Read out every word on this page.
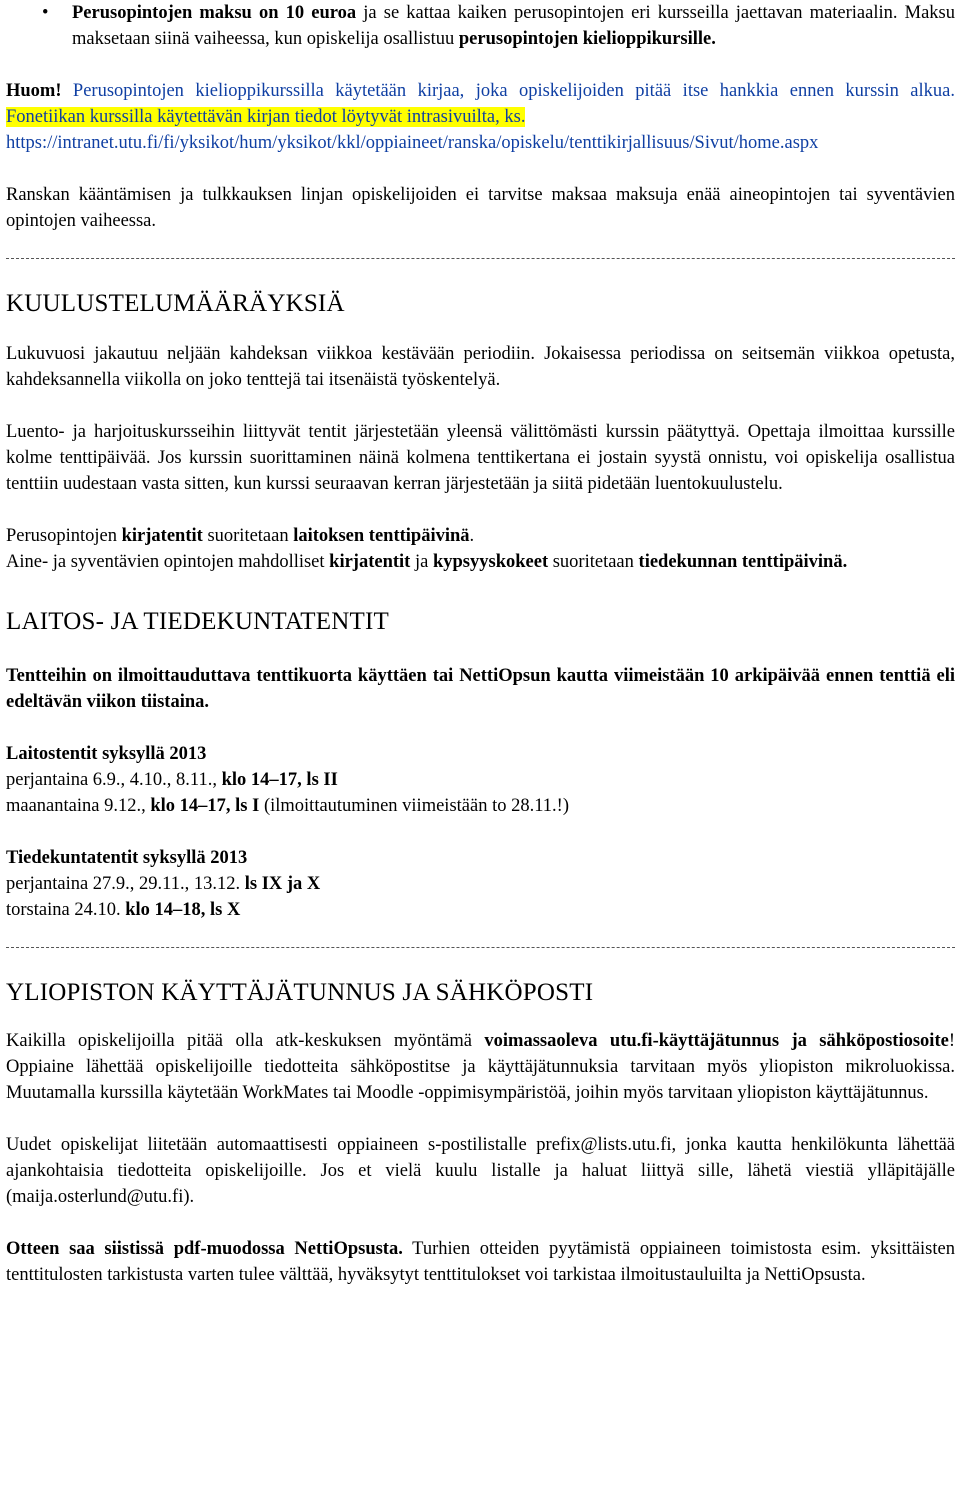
• Perusopintojen maksu on 10 euroa ja se kattaa kaiken perusopintojen eri kursseilla jaettavan materiaalin. Maksu maksetaan siinä vaiheessa, kun opiskelija osallistuu perusopintojen kielioppikursille.

Huom! Perusopintojen kielioppikurssilla käytetään kirjaa, joka opiskelijoiden pitää itse hankkia ennen kurssin alkua. Fonetiikan kurssilla käytettävän kirjan tiedot löytyvät intrasivuilta, ks.
https://intranet.utu.fi/fi/yksikot/hum/yksikot/kkl/oppiaineet/ranska/opiskelu/tenttikirjallisuus/Sivut/home.aspx

Ranskan kääntämisen ja tulkkauksen linjan opiskelijoiden ei tarvitse maksaa maksuja enää aineopintojen tai syventävien opintojen vaiheessa.

KUULUSTELUMÄÄRÄYKSIÄ

Lukuvuosi jakautuu neljään kahdeksan viikkoa kestävään periodiin. Jokaisessa periodissa on seitsemän viikkoa opetusta, kahdeksannella viikolla on joko tenttejä tai itsenäistä työskentelyä.

Luento- ja harjoituskursseihin liittyvät tentit järjestetään yleensä välittömästi kurssin päätyttyä. Opettaja ilmoittaa kurssille kolme tenttipäivää. Jos kurssin suorittaminen näinä kolmena tenttikertana ei jostain syystä onnistu, voi opiskelija osallistua tenttiin uudestaan vasta sitten, kun kurssi seuraavan kerran järjestetään ja siitä pidetään luentokuulustelu.

Perusopintojen kirjatentit suoritetaan laitoksen tenttipäivinä.
Aine- ja syventävien opintojen mahdolliset kirjatentit ja kypsyyskokeet suoritetaan tiedekunnan tenttipäivinä.

LAITOS- JA TIEDEKUNTATENTIT

Tentteihin on ilmoittauduttava tenttikuorta käyttäen tai NettiOpsun kautta viimeistään 10 arkipäivää ennen tenttiä eli edeltävän viikon tiistaina.

Laitostentit syksyllä 2013
perjantaina 6.9., 4.10., 8.11., klo 14–17, ls II
maanantaina 9.12., klo 14–17, ls I (ilmoittautuminen viimeistään to 28.11.!)

Tiedekuntatentit syksyllä 2013
perjantaina 27.9., 29.11., 13.12. ls IX ja X
torstaina 24.10. klo 14–18, ls X

YLIOPISTON KÄYTTÄJÄTUNNUS JA SÄHKÖPOSTI

Kaikilla opiskelijoilla pitää olla atk-keskuksen myöntämä voimassaoleva utu.fi-käyttäjätunnus ja sähköpostiosoite! Oppiaine lähettää opiskelijoille tiedotteita sähköpostitse ja käyttäjätunnuksia tarvitaan myös yliopiston mikroluokissa. Muutamalla kurssilla käytetään WorkMates tai Moodle -oppimisympäristöä, joihin myös tarvitaan yliopiston käyttäjätunnus.

Uudet opiskelijat liitetään automaattisesti oppiaineen s-postilistalle prefix@lists.utu.fi, jonka kautta henkilökunta lähettää ajankohtaisia tiedotteita opiskelijoille. Jos et vielä kuulu listalle ja haluat liittyä sille, lähetä viestiä ylläpitäjälle (maija.osterlund@utu.fi).

Otteen saa siistissä pdf-muodossa NettiOpsusta. Turhien otteiden pyytämistä oppiaineen toimistosta esim. yksittäisten tenttitulosten tarkistusta varten tulee välttää, hyväksytyt tenttitulokset voi tarkistaa ilmoitustauluilta ja NettiOpsusta.
